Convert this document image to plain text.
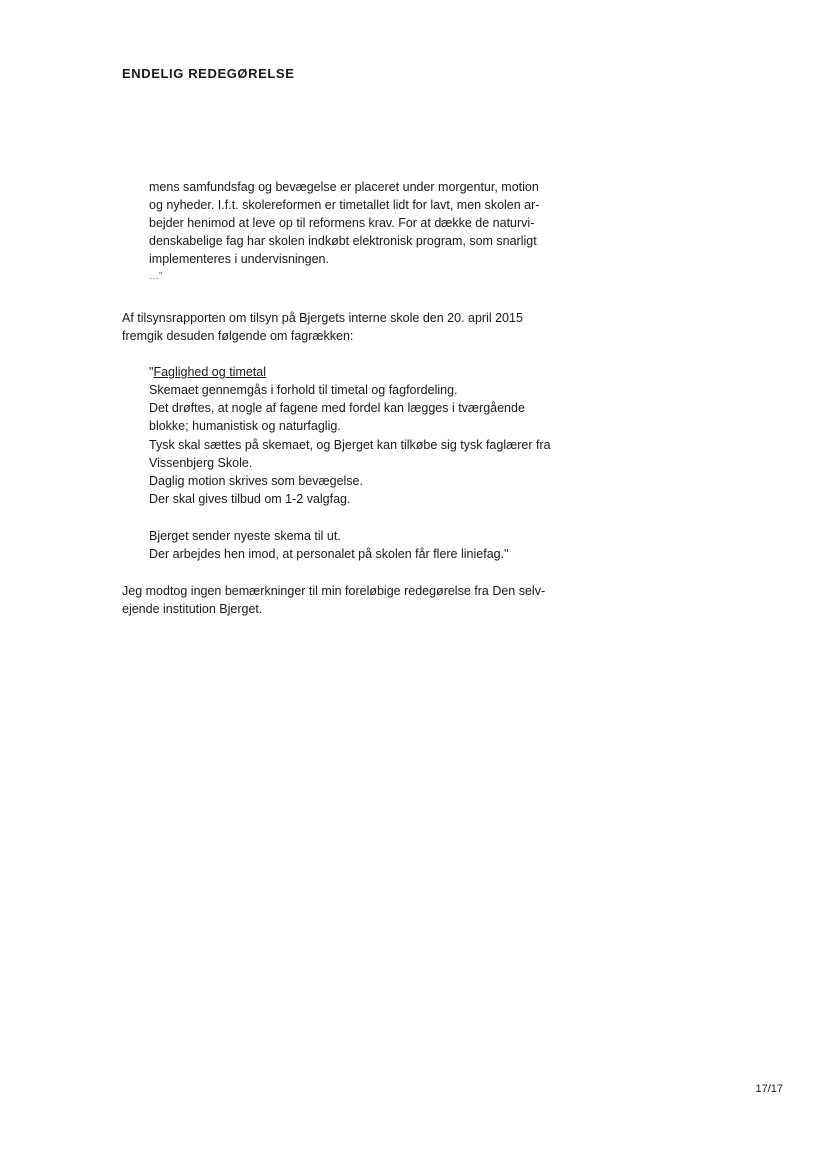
ENDELIG REDEGØRELSE

mens samfundsfag og bevægelse er placeret under morgentur, motion

og nyheder. I.f.t. skolereformen er timetallet lidt for lavt, men skolen ar-

bejder henimod at leve op til reformens krav. For at dække de naturvi-

denskabelige fag har skolen indkøbt elektronisk program, som snarligt

implementeres i undervisningen.

…"

Af tilsynsrapporten om tilsyn på Bjergets interne skole den 20. april 2015

fremgik desuden følgende om fagrækken:

"Faglighed og timetal

Skemaet gennemgås i forhold til timetal og fagfordeling.

Det drøftes, at nogle af fagene med fordel kan lægges i tværgående

blokke; humanistisk og naturfaglig.

Tysk skal sættes på skemaet, og Bjerget kan tilkøbe sig tysk faglærer fra

Vissenbjerg Skole.

Daglig motion skrives som bevægelse.

Der skal gives tilbud om 1-2 valgfag.

Bjerget sender nyeste skema til ut.

Der arbejdes hen imod, at personalet på skolen får flere liniefag."

Jeg modtog ingen bemærkninger til min foreløbige redegørelse fra Den selv-

ejende institution Bjerget.

17/17
